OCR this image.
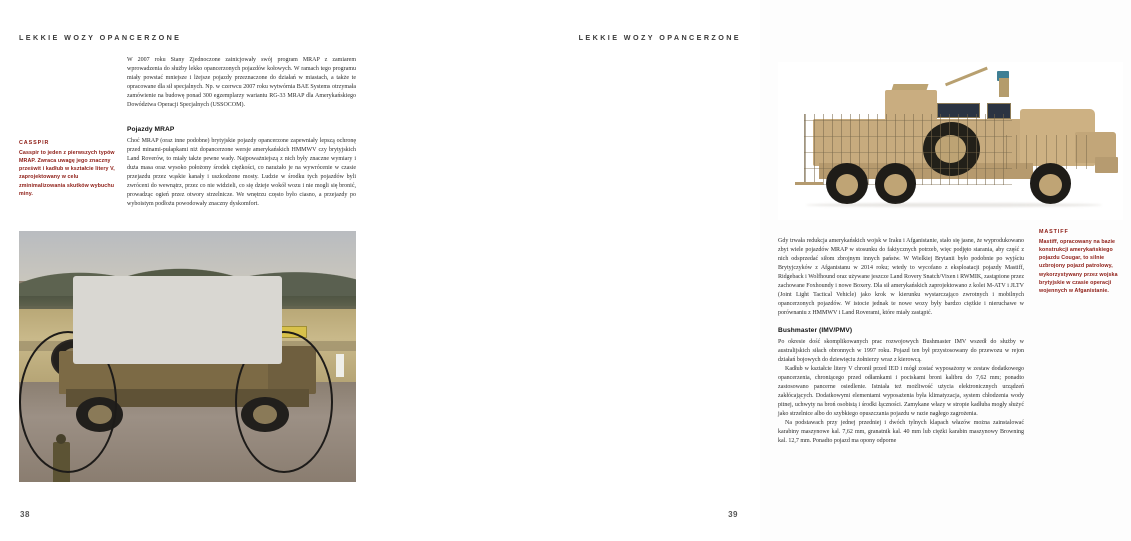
LEKKIE WOZY OPANCERZONE

W 2007 roku Stany Zjednoczone zainicjowały swój program MRAP z zamiarem wprowadzenia do służby lekko opancerzonych pojazdów kołowych. W ramach tego programu miały powstać mniejsze i lżejsze pojazdy przeznaczone do działań w miastach, a także te opracowane dla sił specjalnych. Np. w czerwcu 2007 roku wytwórnia BAE Systems otrzymała zamówienie na budowę ponad 300 egzemplarzy wariantu RG-33 MRAP dla Amerykańskiego Dowództwa Operacji Specjalnych (USSOCOM).

Pojazdy MRAP

Choć MRAP (oraz inne podobne) brytyjskie pojazdy opancerzone zapewniały lepszą ochronę przed minami-pułapkami niż dopancerzone wersje amerykańskich HMMWV czy brytyjskich Land Roverów, to miały także pewne wady. Najpoważniejszą z nich były znaczne wymiary i duża masa oraz wysoko położony środek ciężkości, co narażało je na wywrócenie w czasie przejazdu przez wąskie kanały i uszkodzone mosty. Ludzie w środku tych pojazdów byli zwróceni do wewnątrz, przez co nie widzieli, co się dzieje wokół wozu i nie mogli się bronić, prowadząc ogień przez otwory strzelnicze. We wnętrzu często było ciasno, a przejazdy po wyboistym podłożu powodowały znaczny dyskomfort.

CASSPIR
Casspir to jeden z pierwszych typów MRAP. Zwraca uwagę jego znaczny prześwit i kadłub w kształcie litery V, zaprojektowany w celu zminimalizowania skutków wybuchu miny.
38
LEKKIE WOZY OPANCERZONE

Gdy trwała redukcja amerykańskich wojsk w Iraku i Afganistanie, stało się jasne, że wyprodukowano zbyt wiele pojazdów MRAP w stosunku do faktycznych potrzeb, więc podjęto starania, aby część z nich odsprzedać siłom zbrojnym innych państw. W Wielkiej Brytanii było podobnie po wyjściu Brytyjczyków z Afganistanu w 2014 roku; wtedy to wycofano z eksploatacji pojazdy Mastiff, Ridgeback i Wolfhound oraz używane jeszcze Land Rovery Snatch/Vixen i RWMIK, zastąpione przez zachowane Foxhoundy i nowe Boxery. Dla sił amerykańskich zaprojektowano z kolei M-ATV i JLTV (Joint Light Tactical Vehicle) jako krok w kierunku wystarczająco zwrotnych i mobilnych opancerzonych pojazdów. W istocie jednak te nowe wozy były bardzo ciężkie i nieruchawe w porównaniu z HMMWV i Land Roverami, które miały zastąpić.

Bushmaster (IMV/PMV)

Po okresie dość skomplikowanych prac rozwojowych Bushmaster IMV wszedł do służby w australijskich siłach obronnych w 1997 roku. Pojazd ten był przystosowany do przewozu w rejon działań bojowych do dziewięciu żołnierzy wraz z kierowcą.

Kadłub w kształcie litery V chronił przed IED i mógł zostać wyposażony w zestaw dodatkowego opancerzenia, chroniącego przed odłamkami i pociskami broni kalibru do 7,62 mm; ponadto zastosowano pancerne osiedlenie. Istniała też możliwość użycia elektronicznych urządzeń zakłócających. Dodatkowymi elementami wyposażenia była klimatyzacja, system chłodzenia wody pitnej, uchwyty na broń osobistą i środki łączności. Zamykane włazy w stropie kadłuba mogły służyć jako strzelnice albo do szybkiego opuszczania pojazdu w razie nagłego zagrożenia.

Na podstawach przy jednej przedniej i dwóch tylnych klapach włazów można zainstalować karabiny maszynowe kal. 7,62 mm, granatnik kal. 40 mm lub ciężki karabin maszynowy Browning kal. 12,7 mm. Ponadto pojazd ma opony odporne

MASTIFF
Mastiff, opracowany na bazie konstrukcji amerykańskiego pojazdu Cougar, to silnie uzbrojony pojazd patrolowy, wykorzystywany przez wojska brytyjskie w czasie operacji wojennych w Afganistanie.
39
